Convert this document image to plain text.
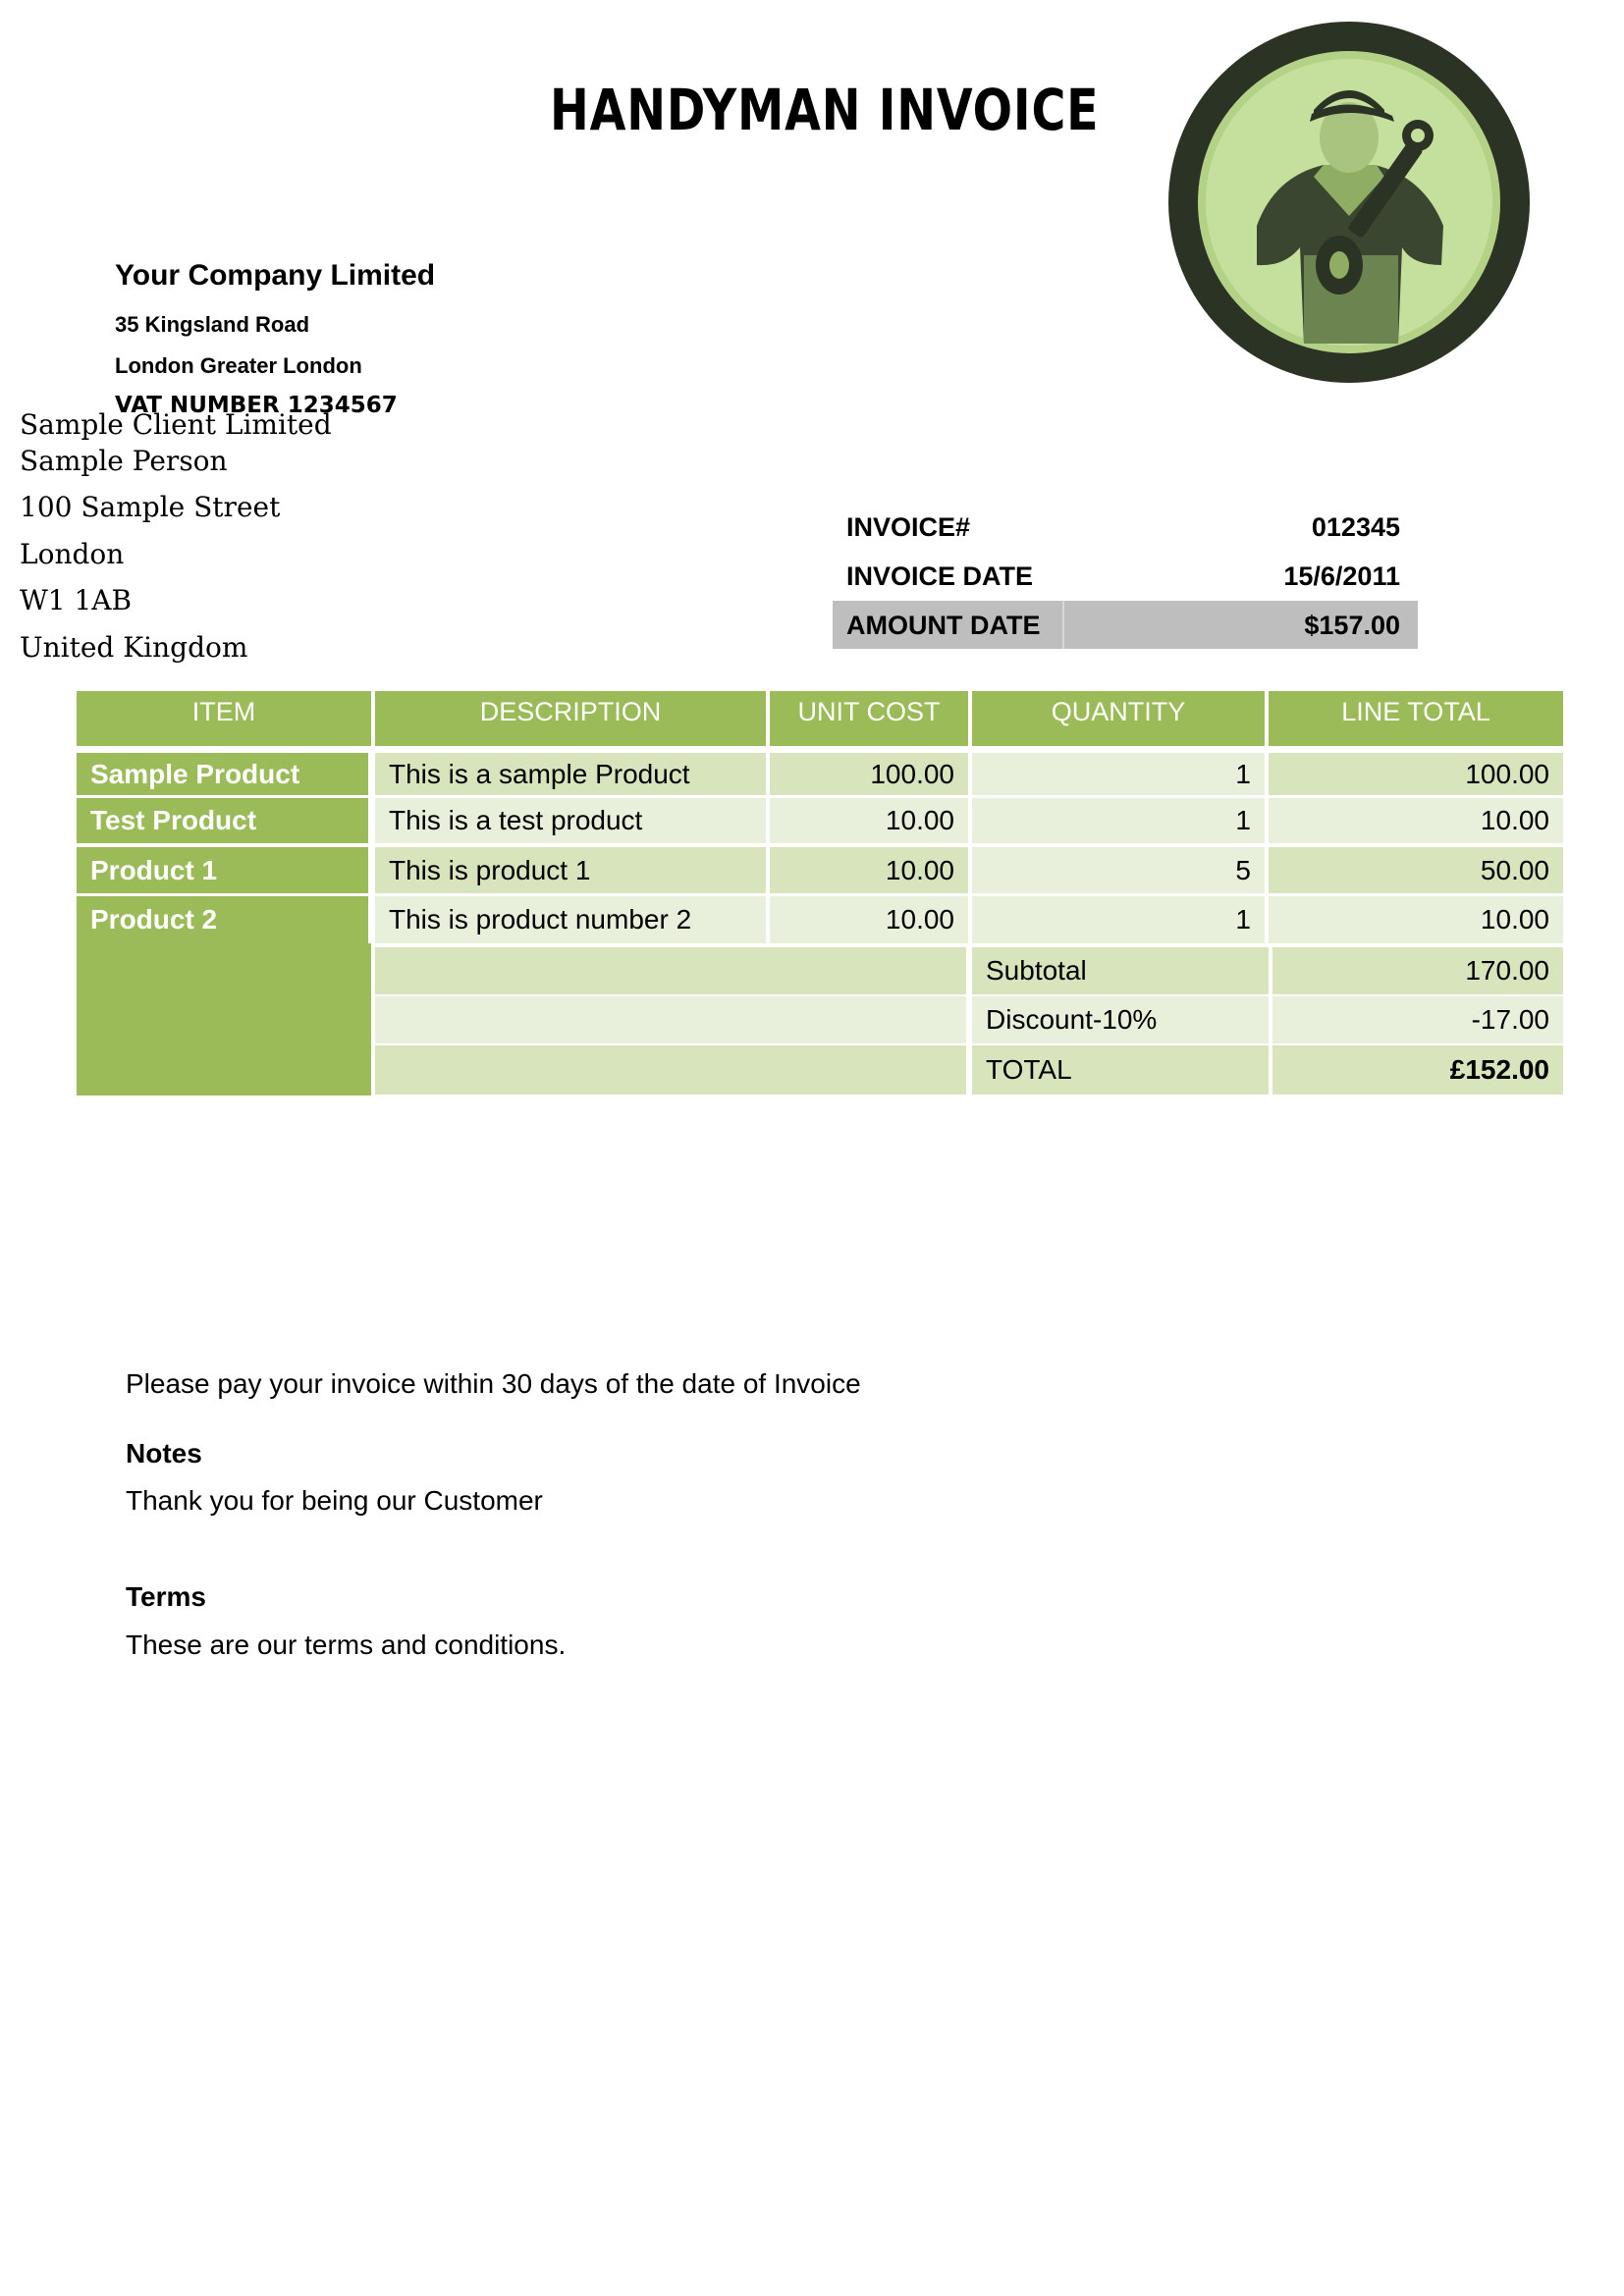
HANDYMAN INVOICE
Your Company Limited
35 Kingsland Road
London Greater London
VAT NUMBER 1234567
Sample Client Limited
Sample Person
100 Sample Street
London
W1 1AB
United Kingdom
INVOICE#	012345
INVOICE DATE	15/6/2011
AMOUNT DATE	$157.00
ITEM	DESCRIPTION	UNIT COST	QUANTITY	LINE TOTAL
Sample Product	This is a sample Product	100.00	1	100.00
Test Product	This is a test product	10.00	1	10.00
Product 1	This is product 1	10.00	5	50.00
Product 2	This is product number 2	10.00	1	10.00
Subtotal	170.00
Discount-10%	-17.00
TOTAL	£152.00
Please pay your invoice within 30 days of the date of Invoice
Notes
Thank you for being our Customer
Terms
These are our terms and conditions.
